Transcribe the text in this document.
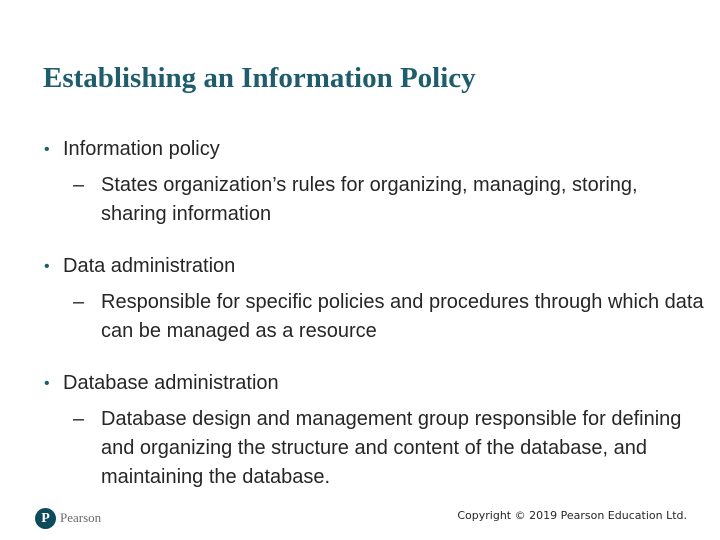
Establishing an Information Policy
• Information policy
– States organization’s rules for organizing, managing, storing, sharing information
• Data administration
– Responsible for specific policies and procedures through which data can be managed as a resource
• Database administration
– Database design and management group responsible for defining and organizing the structure and content of the database, and maintaining the database.
P Pearson	Copyright © 2019 Pearson Education Ltd.
